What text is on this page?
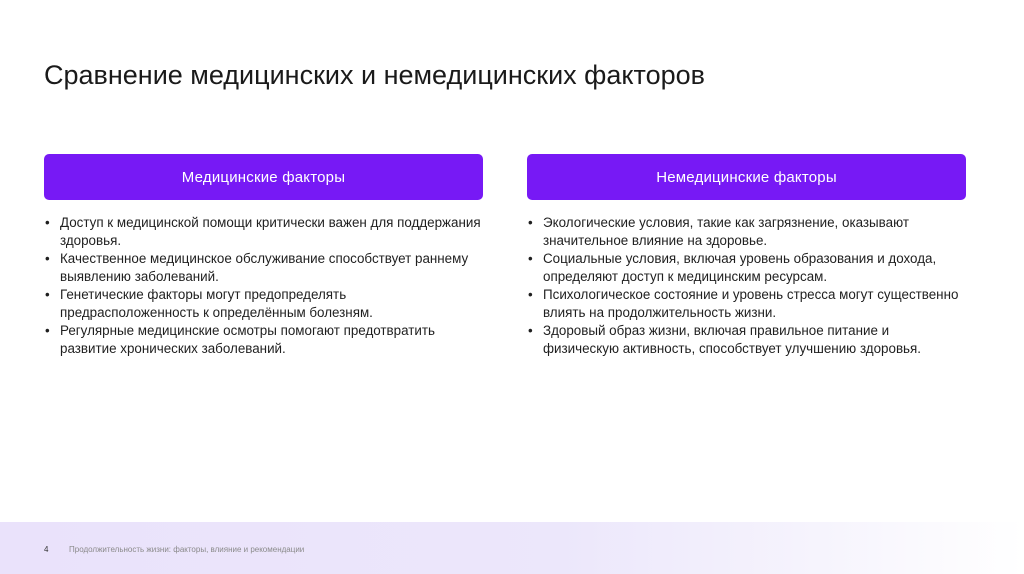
Сравнение медицинских и немедицинских факторов
Медицинские факторы
• Доступ к медицинской помощи критически важен для поддержания здоровья.
• Качественное медицинское обслуживание способствует раннему выявлению заболеваний.
• Генетические факторы могут предопределять предрасположенность к определённым болезням.
• Регулярные медицинские осмотры помогают предотвратить развитие хронических заболеваний.
Немедицинские факторы
• Экологические условия, такие как загрязнение, оказывают значительное влияние на здоровье.
• Социальные условия, включая уровень образования и дохода, определяют доступ к медицинским ресурсам.
• Психологическое состояние и уровень стресса могут существенно влиять на продолжительность жизни.
• Здоровый образ жизни, включая правильное питание и физическую активность, способствует улучшению здоровья.
4	Продолжительность жизни: факторы, влияние и рекомендации
